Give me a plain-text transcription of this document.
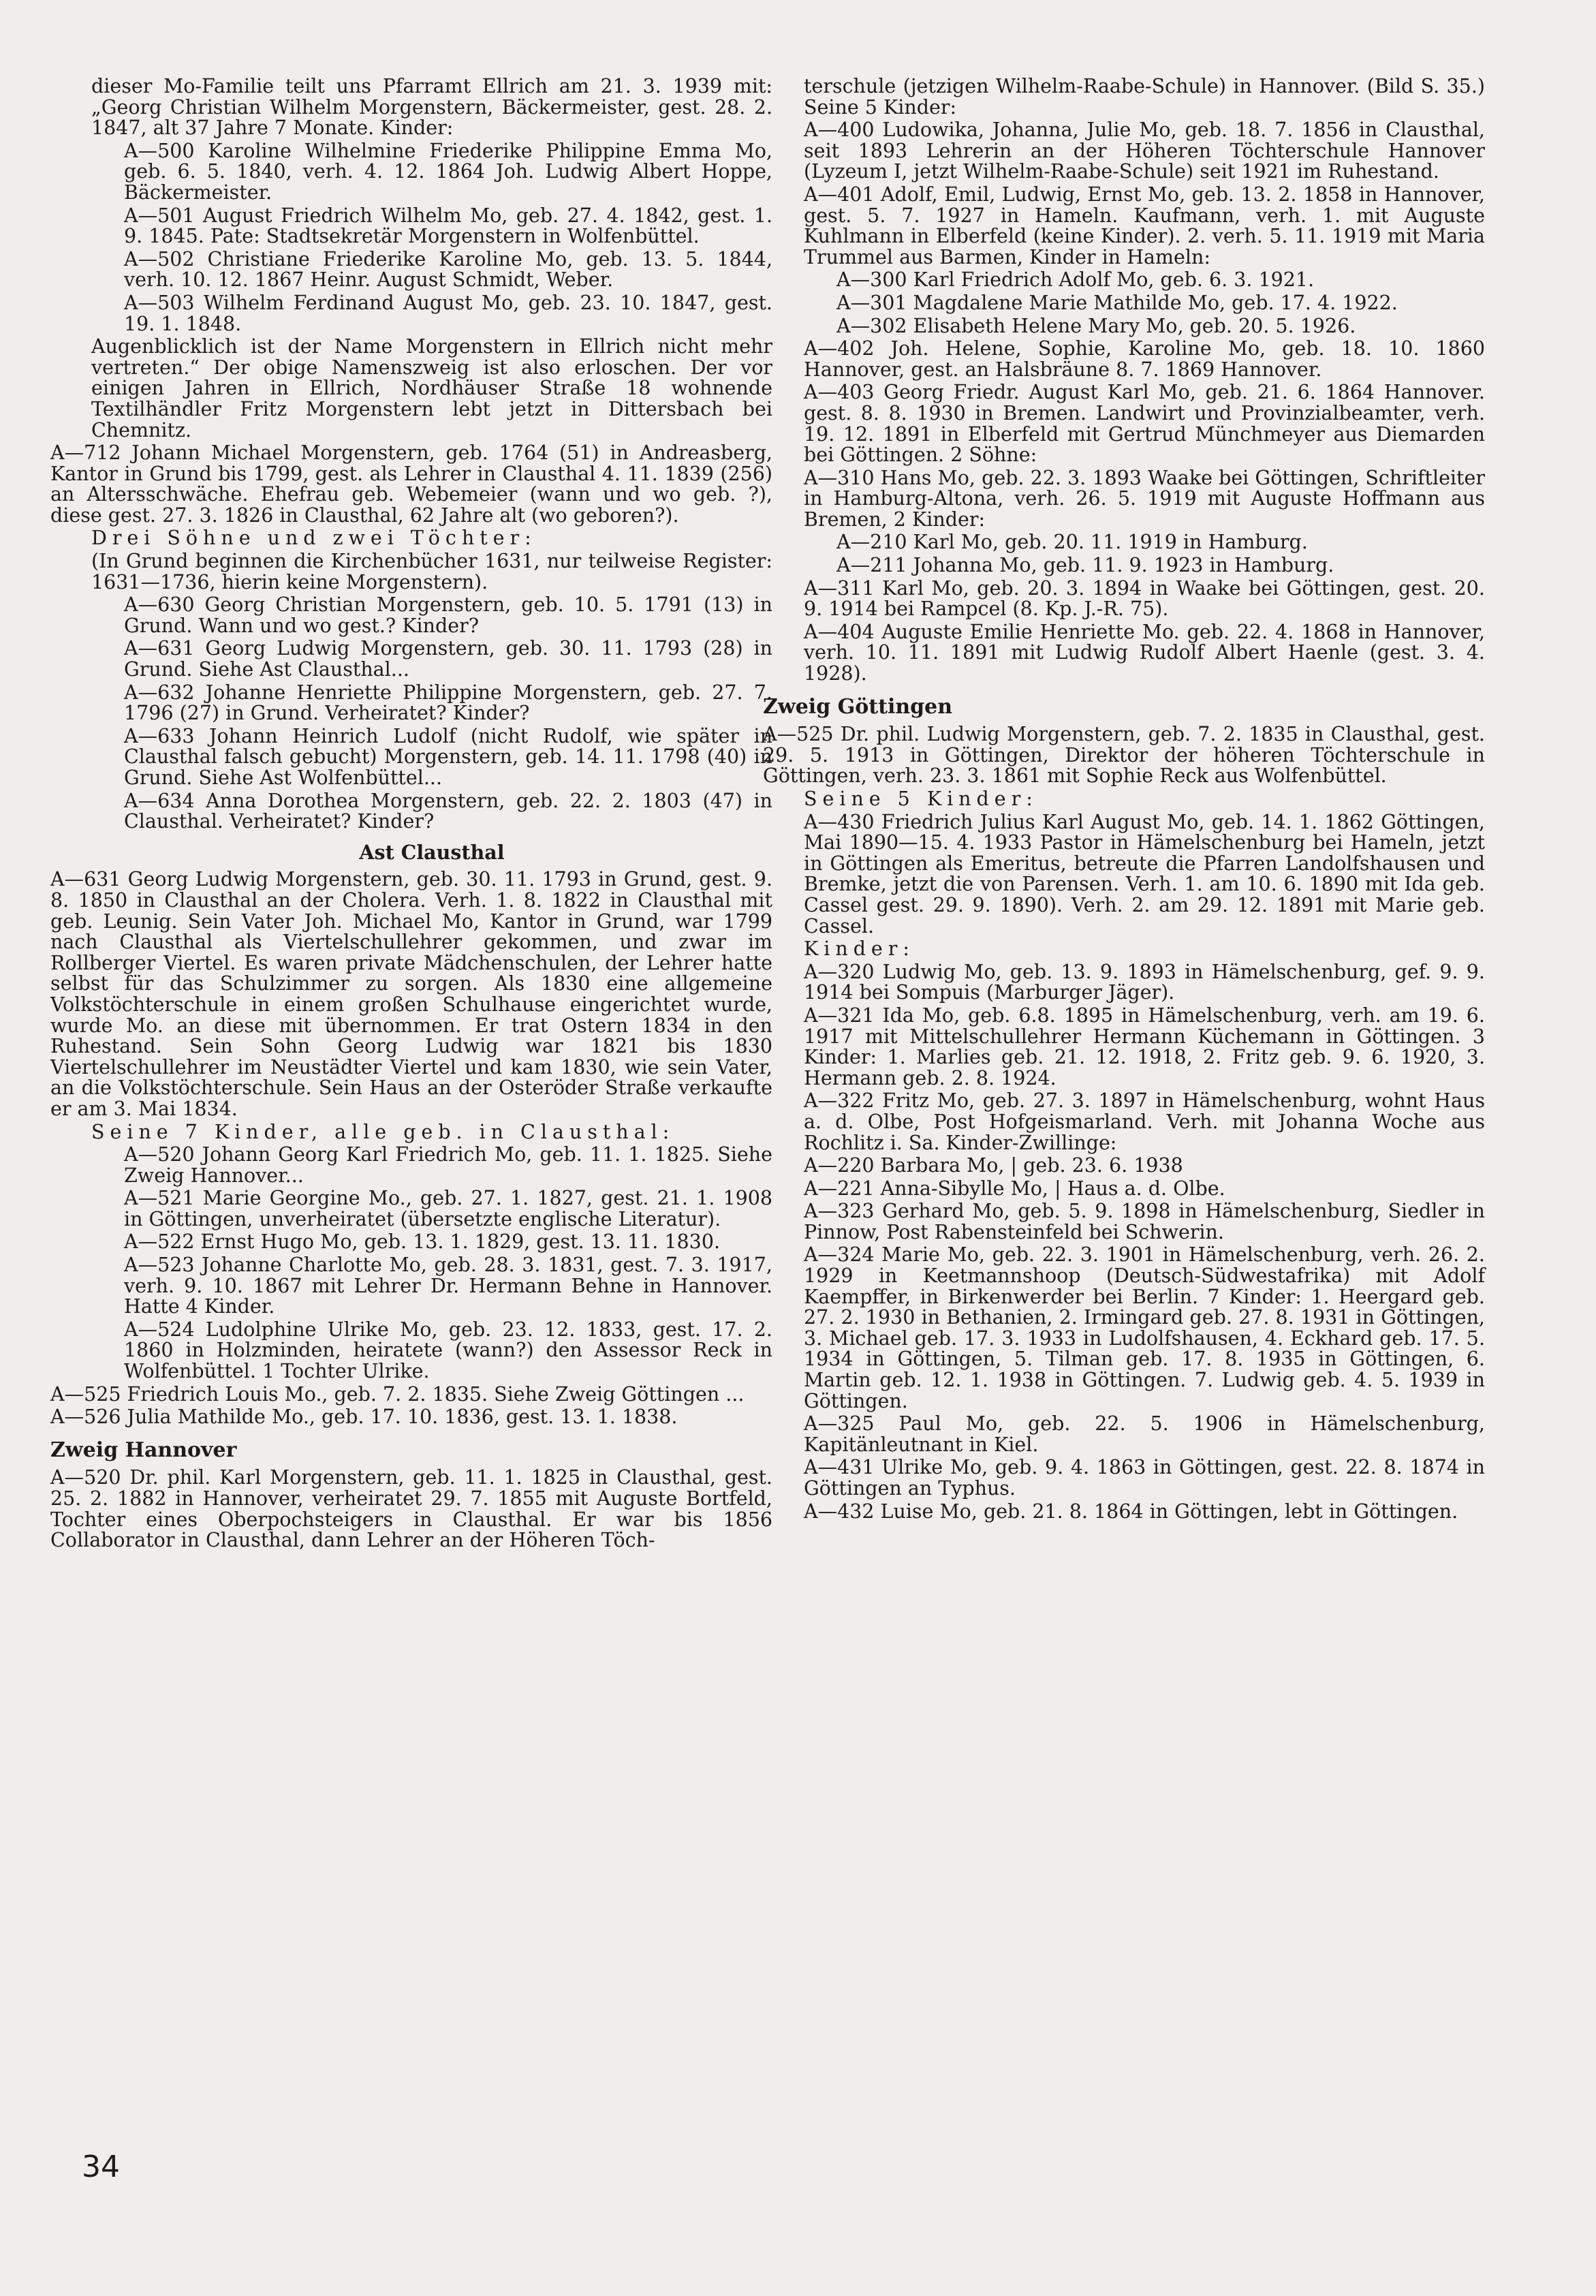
dieser Mo-Familie teilt uns Pfarramt Ellrich am 21. 3. 1939 mit: „Georg Christian Wilhelm Morgenstern, Bäckermeister, gest. 28. 2. 1847, alt 37 Jahre 7 Monate. Kinder:

A—500 Karoline Wilhelmine Friederike Philippine Emma Mo, geb. 6. 5. 1840, verh. 4. 12. 1864 Joh. Ludwig Albert Hoppe, Bäckermeister.

A—501 August Friedrich Wilhelm Mo, geb. 27. 4. 1842, gest. 1. 9. 1845. Pate: Stadtsekretär Morgenstern in Wolfenbüttel.

A—502 Christiane Friederike Karoline Mo, geb. 13. 5. 1844, verh. 10. 12. 1867 Heinr. August Schmidt, Weber.

A—503 Wilhelm Ferdinand August Mo, geb. 23. 10. 1847, gest. 19. 1. 1848.

Augenblicklich ist der Name Morgenstern in Ellrich nicht mehr vertreten.“ Der obige Namenszweig ist also erloschen. Der vor einigen Jahren in Ellrich, Nordhäuser Straße 18 wohnende Textilhändler Fritz Morgenstern lebt jetzt in Dittersbach bei Chemnitz.

A—712 Johann Michael Morgenstern, geb. 1764 (51) in Andreasberg, Kantor in Grund bis 1799, gest. als Lehrer in Clausthal 4. 11. 1839 (256) an Altersschwäche. Ehefrau geb. Webemeier (wann und wo geb. ?), diese gest. 27. 3. 1826 in Clausthal, 62 Jahre alt (wo geboren?).

Drei Söhne und zwei Töchter:

(In Grund beginnen die Kirchenbücher 1631, nur teilweise Register: 1631—1736, hierin keine Morgenstern).

A—630 Georg Christian Morgenstern, geb. 10. 5. 1791 (13) in Grund. Wann und wo gest.? Kinder?

A—631 Georg Ludwig Morgenstern, geb. 30. 11. 1793 (28) in Grund. Siehe Ast Clausthal...

A—632 Johanne Henriette Philippine Morgenstern, geb. 27. 7. 1796 (27) in Grund. Verheiratet? Kinder?

A—633 Johann Heinrich Ludolf (nicht Rudolf, wie später in Clausthal falsch gebucht) Morgenstern, geb. 14. 11. 1798 (40) in Grund. Siehe Ast Wolfenbüttel...

A—634 Anna Dorothea Morgenstern, geb. 22. 2. 1803 (47) in Clausthal. Verheiratet? Kinder?

Ast Clausthal

A—631 Georg Ludwig Morgenstern, geb. 30. 11. 1793 in Grund, gest. 9. 8. 1850 in Clausthal an der Cholera. Verh. 1. 8. 1822 in Clausthal mit geb. Leunig. Sein Vater Joh. Michael Mo, Kantor in Grund, war 1799 nach Clausthal als Viertelschullehrer gekommen, und zwar im Rollberger Viertel. Es waren private Mädchenschulen, der Lehrer hatte selbst für das Schulzimmer zu sorgen. Als 1830 eine allgemeine Volkstöchterschule in einem großen Schulhause eingerichtet wurde, wurde Mo. an diese mit übernommen. Er trat Ostern 1834 in den Ruhestand. Sein Sohn Georg Ludwig war 1821 bis 1830 Viertelschullehrer im Neustädter Viertel und kam 1830, wie sein Vater, an die Volkstöchterschule. Sein Haus an der Osteröder Straße verkaufte er am 3. Mai 1834.

Seine 7 Kinder, alle geb. in Clausthal:

A—520 Johann Georg Karl Friedrich Mo, geb. 11. 1. 1825. Siehe Zweig Hannover...

A—521 Marie Georgine Mo., geb. 27. 1. 1827, gest. 21. 1. 1908 in Göttingen, unverheiratet (übersetzte englische Literatur).

A—522 Ernst Hugo Mo, geb. 13. 1. 1829, gest. 13. 11. 1830.

A—523 Johanne Charlotte Mo, geb. 28. 3. 1831, gest. 7. 3. 1917, verh. 9. 10. 1867 mit Lehrer Dr. Hermann Behne in Hannover. Hatte 4 Kinder.

A—524 Ludolphine Ulrike Mo, geb. 23. 12. 1833, gest. 17. 2. 1860 in Holzminden, heiratete (wann?) den Assessor Reck in Wolfenbüttel. 1 Tochter Ulrike.

A—525 Friedrich Louis Mo., geb. 7. 2. 1835. Siehe Zweig Göttingen ...

A—526 Julia Mathilde Mo., geb. 17. 10. 1836, gest. 13. 1. 1838.

Zweig Hannover

A—520 Dr. phil. Karl Morgenstern, geb. 11. 1. 1825 in Clausthal, gest. 25. 2. 1882 in Hannover, verheiratet 29. 7. 1855 mit Auguste Bortfeld, Tochter eines Oberpochsteigers in Clausthal. Er war bis 1856 Collaborator in Clausthal, dann Lehrer an der Höheren Töch-

terschule (jetzigen Wilhelm-Raabe-Schule) in Hannover. (Bild S. 35.) Seine 5 Kinder:

A—400 Ludowika, Johanna, Julie Mo, geb. 18. 7. 1856 in Clausthal, seit 1893 Lehrerin an der Höheren Töchterschule Hannover (Lyzeum I, jetzt Wilhelm-Raabe-Schule) seit 1921 im Ruhestand.

A—401 Adolf, Emil, Ludwig, Ernst Mo, geb. 13. 2. 1858 in Hannover, gest. 5. 7. 1927 in Hameln. Kaufmann, verh. 1. mit Auguste Kuhlmann in Elberfeld (keine Kinder). 2. verh. 5. 11. 1919 mit Maria Trummel aus Barmen, Kinder in Hameln:

A—300 Karl Friedrich Adolf Mo, geb. 6. 3. 1921.

A—301 Magdalene Marie Mathilde Mo, geb. 17. 4. 1922.

A—302 Elisabeth Helene Mary Mo, geb. 20. 5. 1926.

A—402 Joh. Helene, Sophie, Karoline Mo, geb. 18. 10. 1860 Hannover, gest. an Halsbräune 8. 7. 1869 Hannover.

A—403 Georg Friedr. August Karl Mo, geb. 21. 6. 1864 Hannover. gest. 8. 8. 1930 in Bremen. Landwirt und Provinzialbeamter, verh. 19. 12. 1891 in Elberfeld mit Gertrud Münchmeyer aus Diemarden bei Göttingen. 2 Söhne:

A—310 Hans Mo, geb. 22. 3. 1893 Waake bei Göttingen, Schriftleiter in Hamburg-Altona, verh. 26. 5. 1919 mit Auguste Hoffmann aus Bremen, 2 Kinder:

A—210 Karl Mo, geb. 20. 11. 1919 in Hamburg.

A—211 Johanna Mo, geb. 11. 9. 1923 in Hamburg.

A—311 Karl Mo, geb. 20. 3. 1894 in Waake bei Göttingen, gest. 20. 9. 1914 bei Rampcel (8. Kp. J.-R. 75).

A—404 Auguste Emilie Henriette Mo. geb. 22. 4. 1868 in Hannover, verh. 10. 11. 1891 mit Ludwig Rudolf Albert Haenle (gest. 3. 4. 1928).

Zweig Göttingen

A—525 Dr. phil. Ludwig Morgenstern, geb. 7. 2. 1835 in Clausthal, gest. 29. 5. 1913 in Göttingen, Direktor der höheren Töchterschule in Göttingen, verh. 23. 3. 1861 mit Sophie Reck aus Wolfenbüttel.

Seine 5 Kinder:

A—430 Friedrich Julius Karl August Mo, geb. 14. 1. 1862 Göttingen, Mai 1890—15. 4. 1933 Pastor in Hämelschenburg bei Hameln, jetzt in Göttingen als Emeritus, betreute die Pfarren Landolfshausen und Bremke, jetzt die von Parensen. Verh. 1. am 10. 6. 1890 mit Ida geb. Cassel gest. 29. 9. 1890). Verh. 2. am 29. 12. 1891 mit Marie geb. Cassel.

Kinder:

A—320 Ludwig Mo, geb. 13. 9. 1893 in Hämelschenburg, gef. 9. 9. 1914 bei Sompuis (Marburger Jäger).

A—321 Ida Mo, geb. 6.8. 1895 in Hämelschenburg, verh. am 19. 6. 1917 mit Mittelschullehrer Hermann Küchemann in Göttingen. 3 Kinder: 1. Marlies geb. 21. 12. 1918, 2. Fritz geb. 9. 6. 1920, 3. Hermann geb. 2. 8. 1924.

A—322 Fritz Mo, geb. 27. 3. 1897 in Hämelschenburg, wohnt Haus a. d. Olbe, Post Hofgeismarland. Verh. mit Johanna Woche aus Rochlitz i. Sa. Kinder-Zwillinge:

A—220 Barbara Mo, | geb. 23. 6. 1938

A—221 Anna-Sibylle Mo, | Haus a. d. Olbe.

A—323 Gerhard Mo, geb. 5. 9. 1898 in Hämelschenburg, Siedler in Pinnow, Post Rabensteinfeld bei Schwerin.

A—324 Marie Mo, geb. 22. 3. 1901 in Hämelschenburg, verh. 26. 2. 1929 in Keetmannshoop (Deutsch-Südwestafrika) mit Adolf Kaempffer, in Birkenwerder bei Berlin. 7 Kinder: 1. Heergard geb. 27. 2. 1930 in Bethanien, 2. Irmingard geb. 27. 8. 1931 in Göttingen, 3. Michael geb. 17. 3. 1933 in Ludolfshausen, 4. Eckhard geb. 17. 5. 1934 in Göttingen, 5. Tilman geb. 17. 8. 1935 in Göttingen, 6. Martin geb. 12. 1. 1938 in Göttingen. 7. Ludwig geb. 4. 5. 1939 in Göttingen.

A—325 Paul Mo, geb. 22. 5. 1906 in Hämelschenburg, Kapitänleutnant in Kiel.

A—431 Ulrike Mo, geb. 9. 4. 1863 in Göttingen, gest. 22. 8. 1874 in Göttingen an Typhus.

A—432 Luise Mo, geb. 21. 8. 1864 in Göttingen, lebt in Göttingen.

34
